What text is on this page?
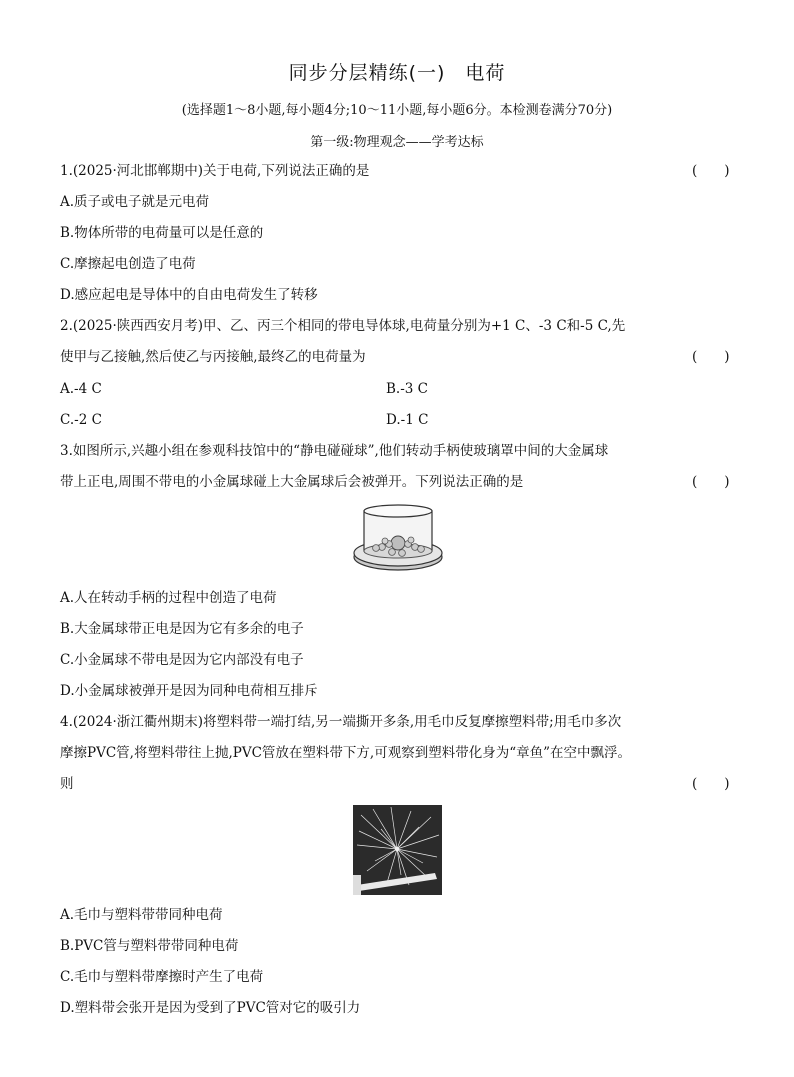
同步分层精练(一)　电荷
(选择题1～8小题,每小题4分;10～11小题,每小题6分。本检测卷满分70分)
第一级:物理观念——学考达标
1.(2025·河北邯郸期中)关于电荷,下列说法正确的是	(　　)
A.质子或电子就是元电荷
B.物体所带的电荷量可以是任意的
C.摩擦起电创造了电荷
D.感应起电是导体中的自由电荷发生了转移
2.(2025·陕西西安月考)甲、乙、丙三个相同的带电导体球,电荷量分别为+1 C、-3 C和-5 C,先
使甲与乙接触,然后使乙与丙接触,最终乙的电荷量为	(　　)
A.-4 C	B.-3 C
C.-2 C	D.-1 C
3.如图所示,兴趣小组在参观科技馆中的“静电碰碰球”,他们转动手柄使玻璃罩中间的大金属球
带上正电,周围不带电的小金属球碰上大金属球后会被弹开。下列说法正确的是	(　　)
A.人在转动手柄的过程中创造了电荷
B.大金属球带正电是因为它有多余的电子
C.小金属球不带电是因为它内部没有电子
D.小金属球被弹开是因为同种电荷相互排斥
4.(2024·浙江衢州期末)将塑料带一端打结,另一端撕开多条,用毛巾反复摩擦塑料带;用毛巾多次
摩擦PVC管,将塑料带往上抛,PVC管放在塑料带下方,可观察到塑料带化身为“章鱼”在空中飘浮。
则	(　　)
A.毛巾与塑料带带同种电荷
B.PVC管与塑料带带同种电荷
C.毛巾与塑料带摩擦时产生了电荷
D.塑料带会张开是因为受到了PVC管对它的吸引力
